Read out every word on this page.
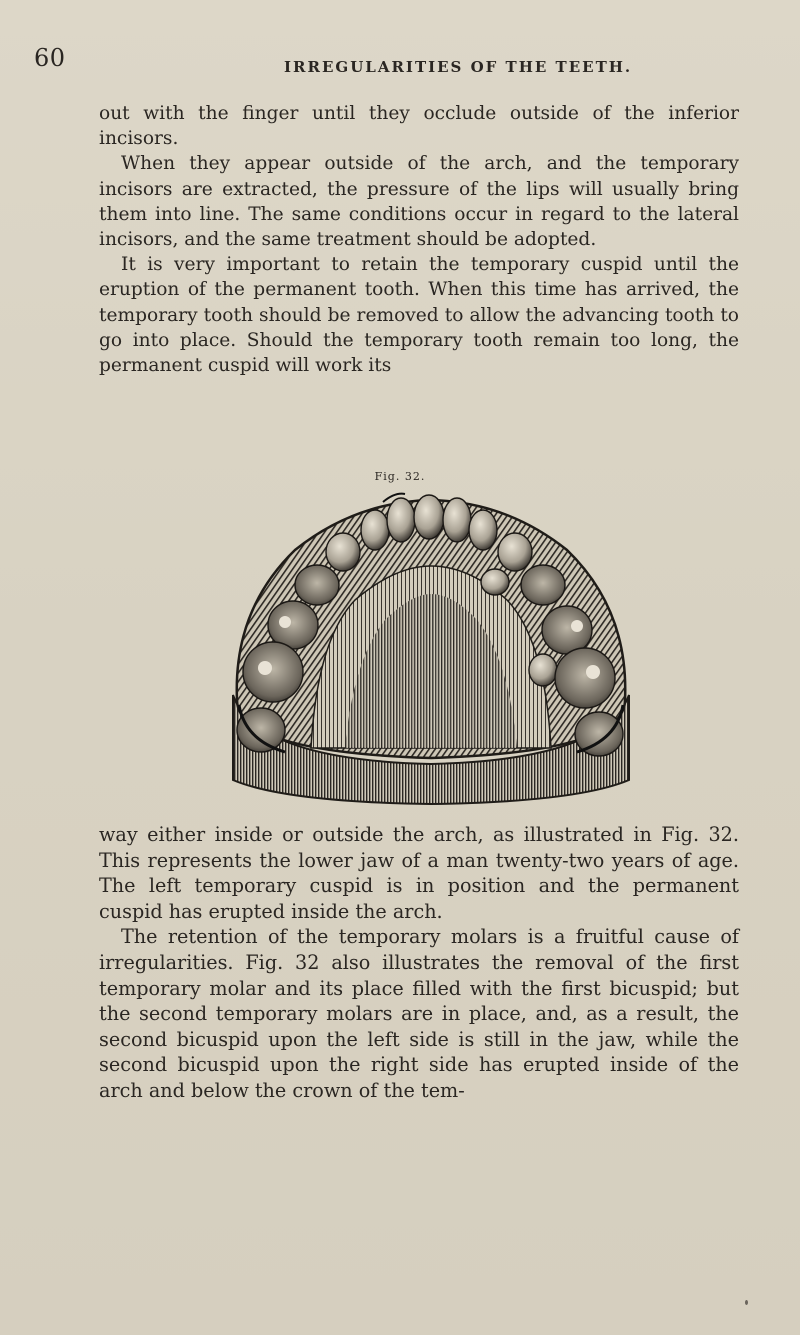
60	IRREGULARITIES OF THE TEETH.

out with the finger until they occlude outside of the inferior incisors.

When they appear outside of the arch, and the temporary incisors are extracted, the pressure of the lips will usually bring them into line. The same conditions occur in regard to the lateral incisors, and the same treatment should be adopted.

It is very important to retain the temporary cuspid until the eruption of the permanent tooth. When this time has arrived, the temporary tooth should be removed to allow the advancing tooth to go into place. Should the temporary tooth remain too long, the permanent cuspid will work its

Fig. 32.

way either inside or outside the arch, as illustrated in Fig. 32. This represents the lower jaw of a man twenty-two years of age. The left temporary cuspid is in position and the permanent cuspid has erupted inside the arch.

The retention of the temporary molars is a fruitful cause of irregularities. Fig. 32 also illustrates the removal of the first temporary molar and its place filled with the first bicuspid; but the second temporary molars are in place, and, as a result, the second bicuspid upon the left side is still in the jaw, while the second bicuspid upon the right side has erupted inside of the arch and below the crown of the tem-
